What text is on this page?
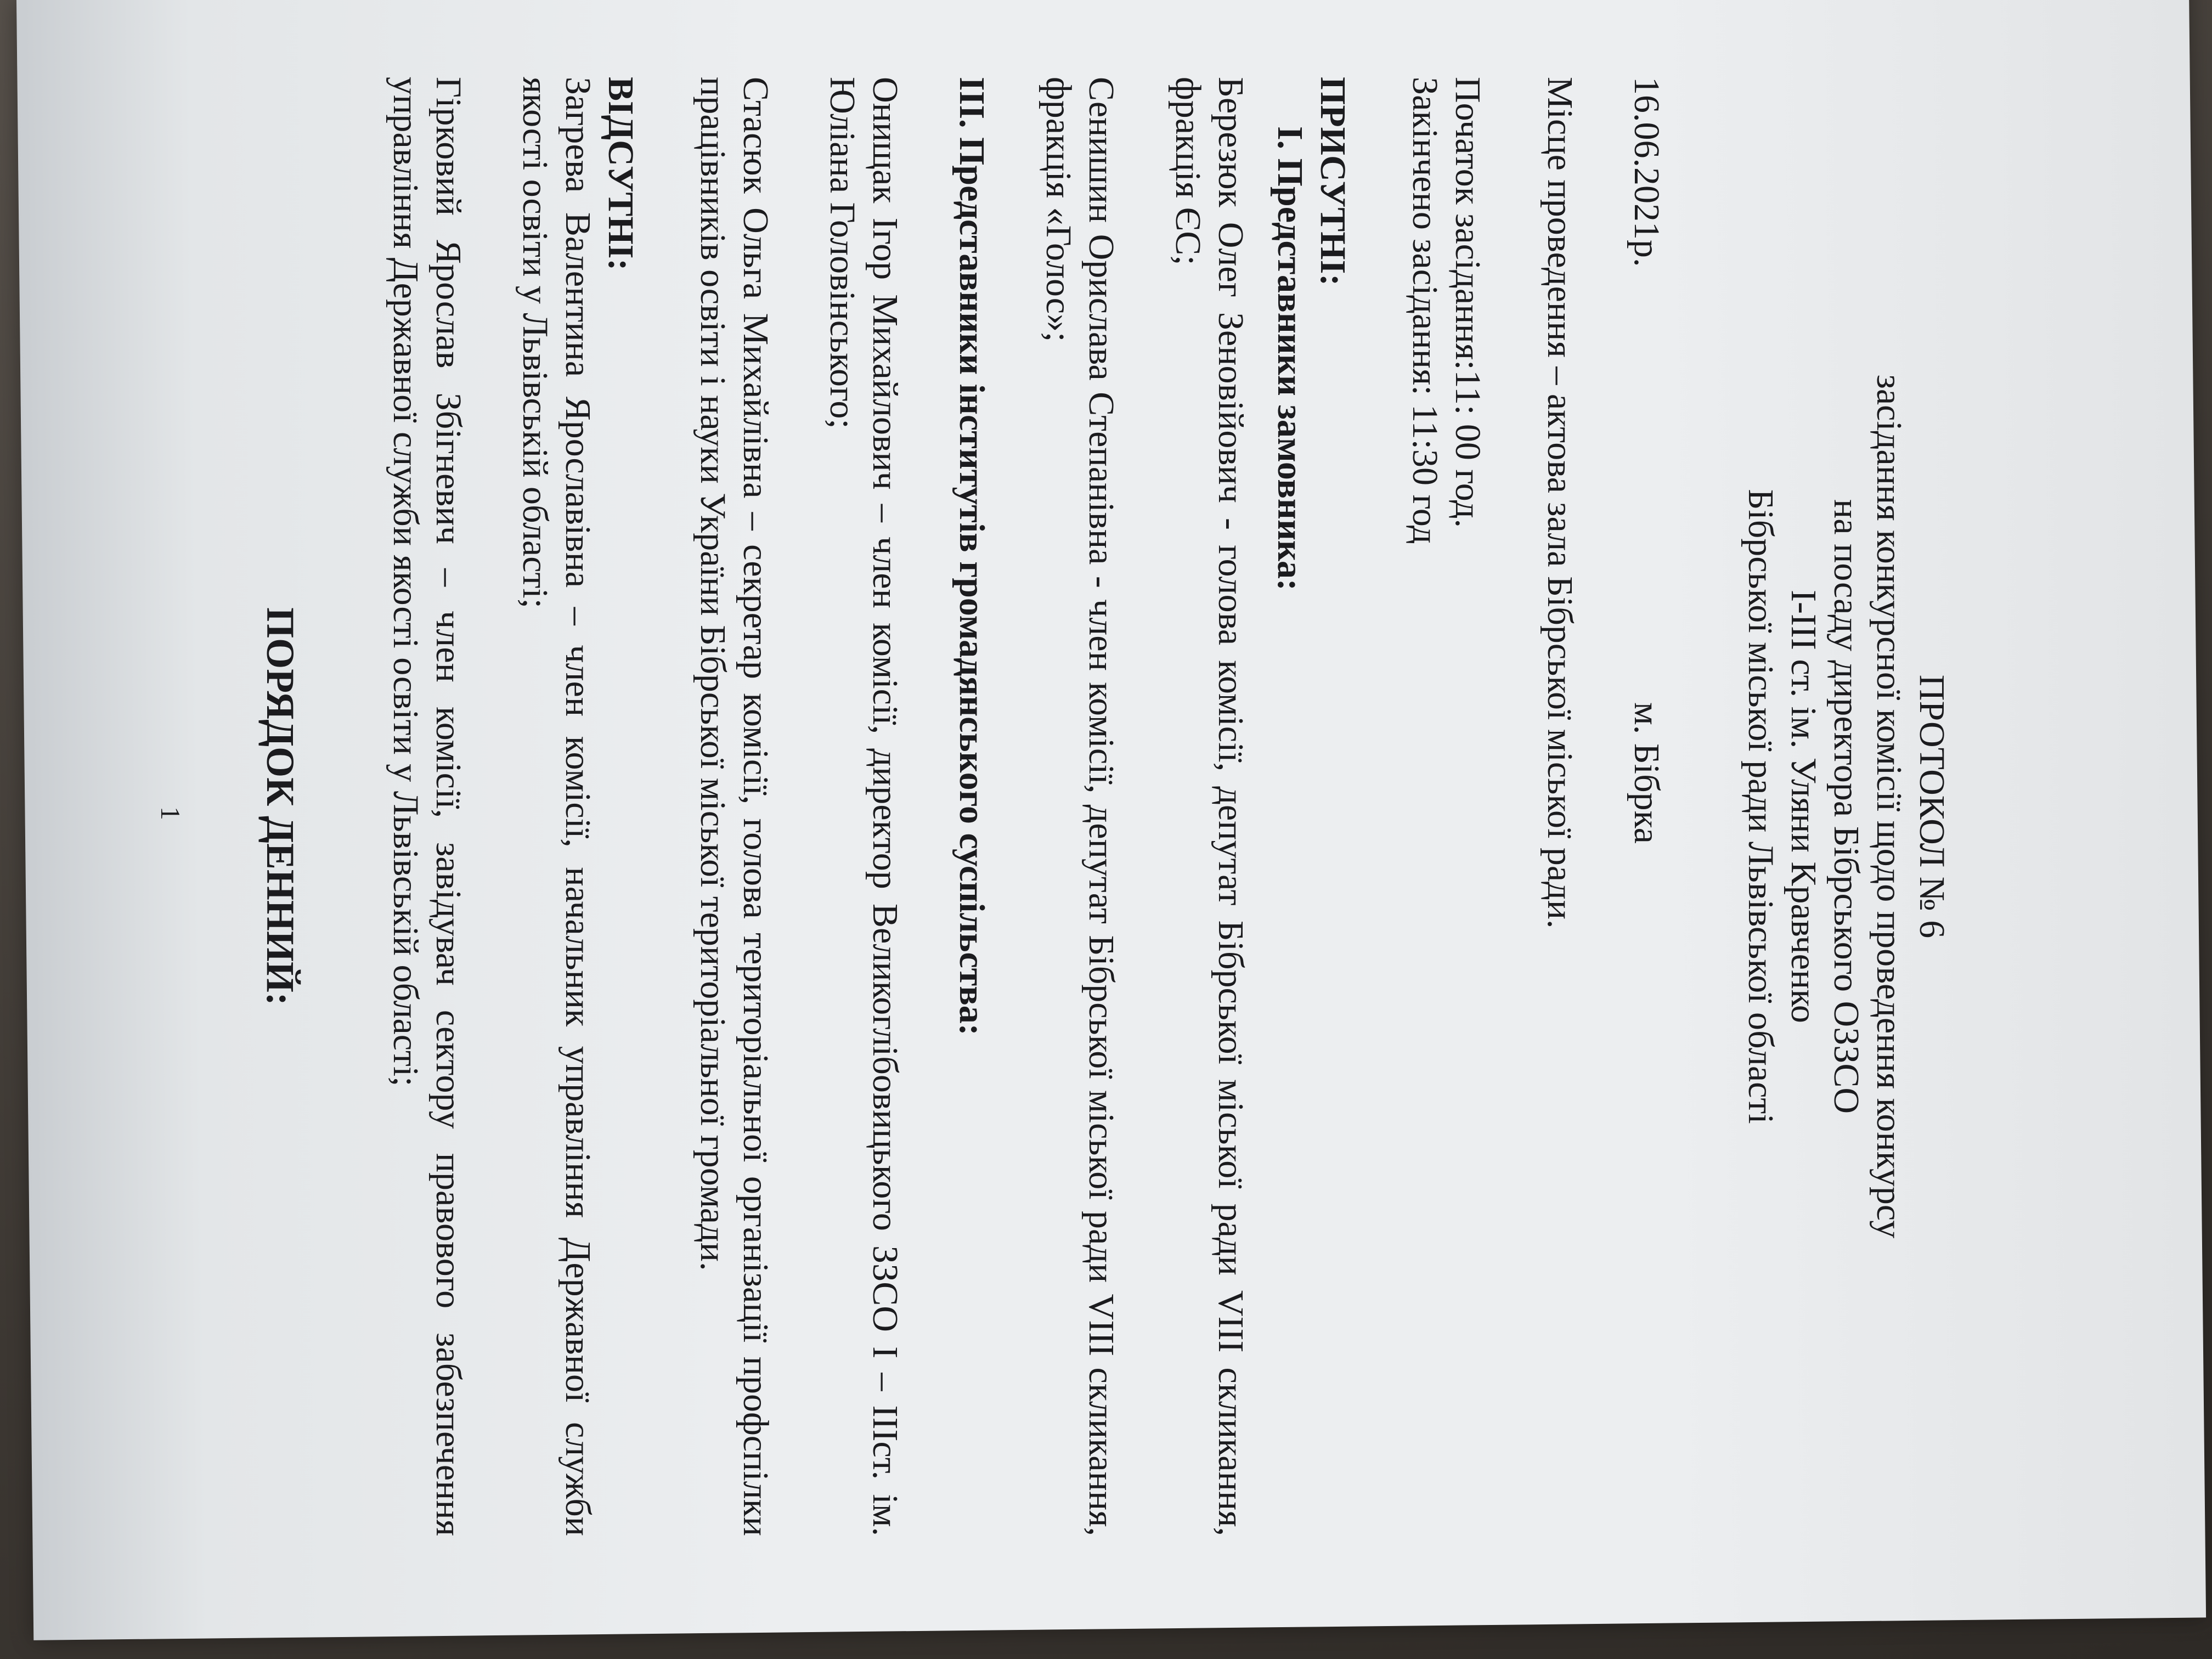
ПРОТОКОЛ № 6
засідання конкурсної комісії щодо проведення конкурсу
на посаду директора Бібрського ОЗЗСО
І-ІІІ ст. ім. Уляни Кравченко
Бібрської міської ради Львівської області
16.06.2021р.
м. Бібрка
Місце проведення – актова зала Бібрської міської ради.
Початок засідання:11: 00 год.
Закінчено засідання: 11:30 год
ПРИСУТНІ:
І. Представники замовника:
Березюк Олег Зеновійович - голова комісії, депутат Бібрської міської ради VIII скликання, фракція ЄС;
Сенишин Орислава Степанівна - член комісії, депутат Бібрської міської ради VIII скликання, фракція «Голос»;
ІІІ. Представники інститутів громадянського суспільства:
Онищак Ігор Михайлович – член комісії, директор Великоглібовицького ЗЗСО І – ІІІст. ім. Юліана Головінського;
Стасюк Ольга Михайлівна – секретар комісії, голова територіальної організації профспілки працівників освіти і науки України Бібрської міської територіальної громади.
ВІДСУТНІ:
Загрева Валентина Ярославівна – член комісії, начальник управління Державної служби якості освіти у Львівській області;
Гірковий Ярослав Збігневич – член комісії, завідувач сектору правового забезпечення управління Державної служби якості освіти у Львівській області;
ПОРЯДОК ДЕННИЙ:
1
